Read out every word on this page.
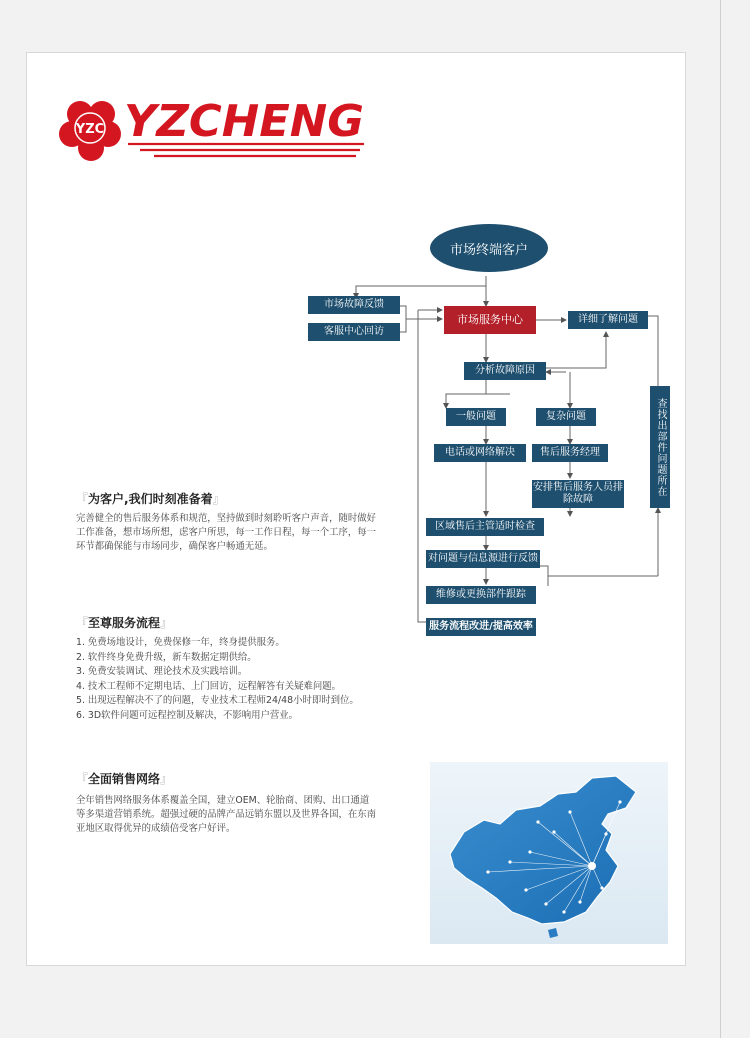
YZC YZCHENG
市场终端客户
市场服务中心
市场故障反馈
客服中心回访
详细了解问题
分析故障原因
一般问题	复杂问题
电话或网络解决	售后服务经理
安排售后服务人员排除故障
区域售后主管适时检查
对问题与信息源进行反馈
维修或更换部件跟踪
服务流程改进/提高效率
查找出部件问题所在
『为客户,我们时刻准备着』

完善健全的售后服务体系和规范，坚持做到时刻聆听客户声音，随时做好工作准备，想市场所想，虑客户所思，每一工作日程，每一个工序，每一环节都确保能与市场同步，确保客户畅通无延。

『至尊服务流程』
1. 免费场地设计，免费保修一年，终身提供服务。
2. 软件终身免费升级，新车数据定期供给。
3. 免费安装调试、理论技术及实践培训。
4. 技术工程师不定期电话、上门回访，远程解答有关疑难问题。
5. 出现远程解决不了的问题，专业技术工程师24/48小时即时到位。
6. 3D软件问题可远程控制及解决，不影响用户营业。
『全面销售网络』

全年销售网络服务体系覆盖全国，建立OEM、轮胎商、团购、出口通道等多渠道营销系统。超强过硬的品牌产品远销东盟以及世界各国，在东南亚地区取得优异的成绩倍受客户好评。
